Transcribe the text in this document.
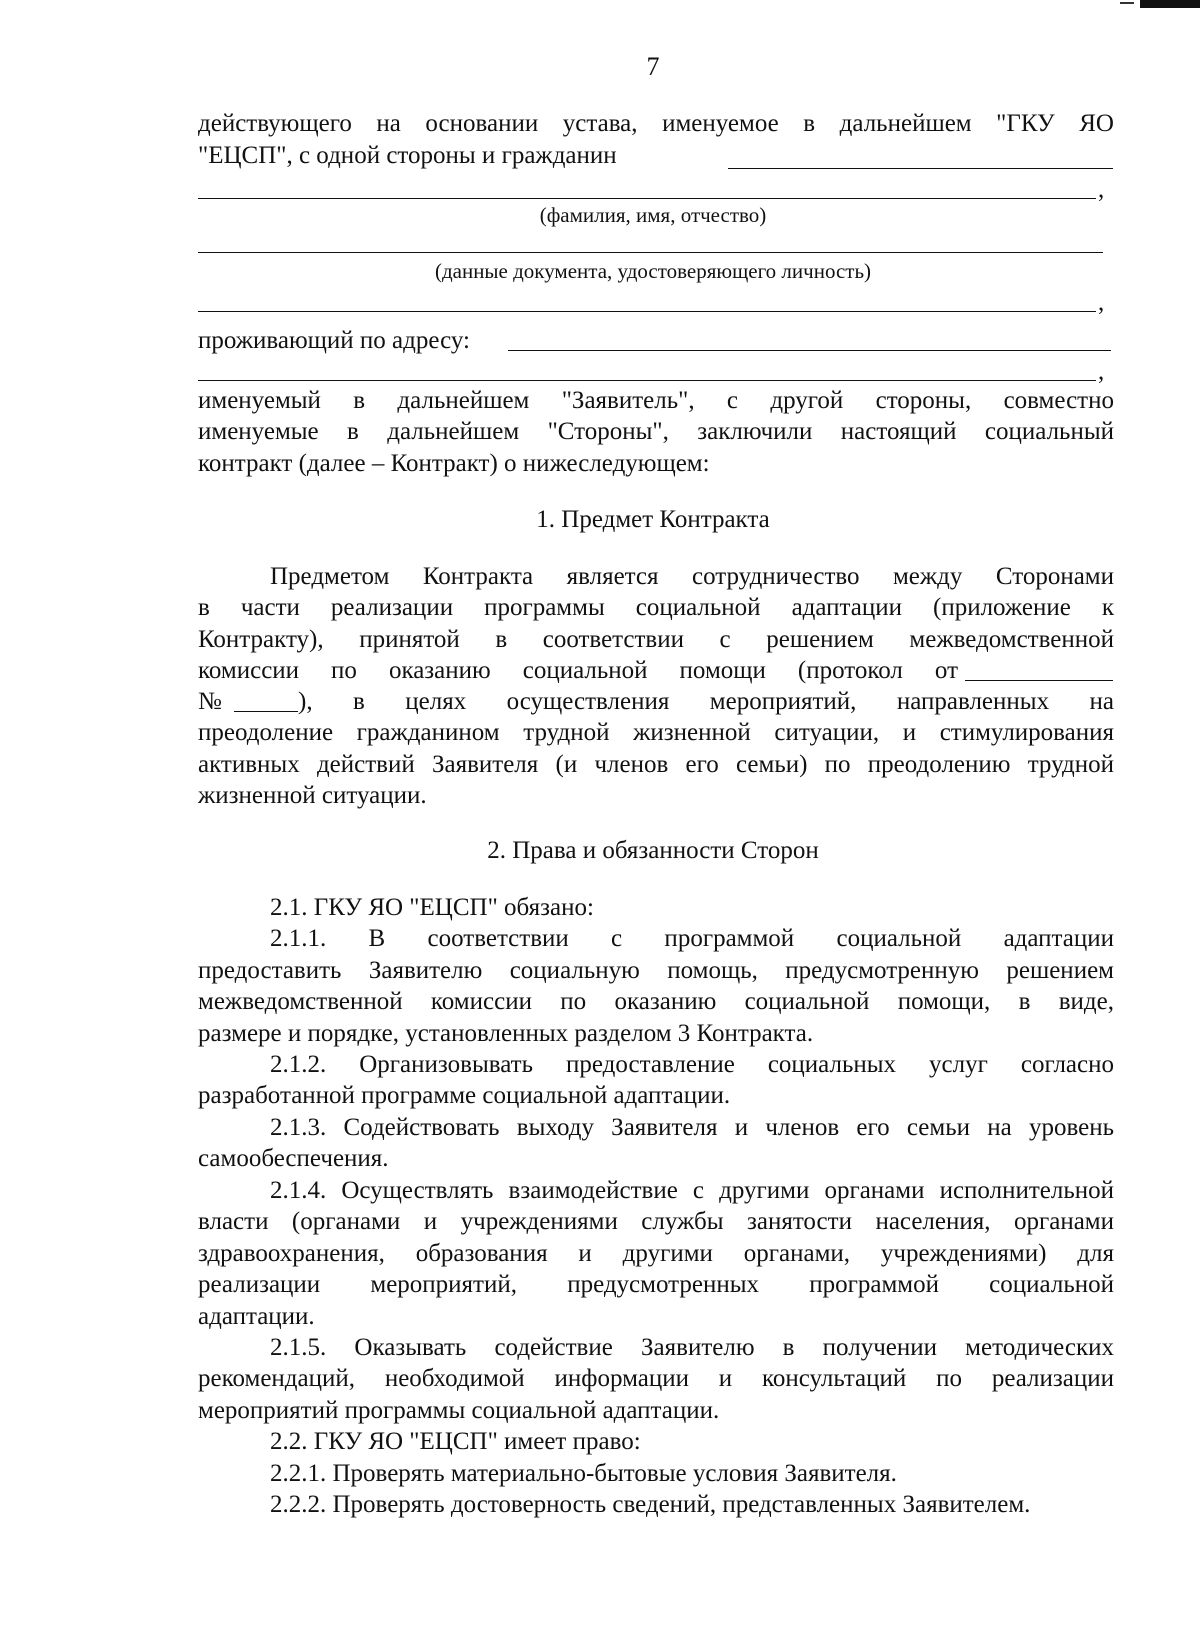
7
действующего на основании устава, именуемое в дальнейшем "ГКУ ЯО
"ЕЦСП", с одной стороны и гражданин
,
(фамилия, имя, отчество)
(данные документа, удостоверяющего личность)
,
проживающий по адресу:
,
именуемый в дальнейшем "Заявитель", с другой стороны, совместно
именуемые в дальнейшем "Стороны", заключили настоящий социальный
контракт (далее – Контракт) о нижеследующем:
1. Предмет Контракта
Предметом Контракта является сотрудничество между Сторонами
в части реализации программы социальной адаптации (приложение к
Контракту), принятой в соответствии с решением межведомственной
комиссии по оказанию социальной помощи (протокол от
№	), в целях осуществления мероприятий, направленных на
преодоление гражданином трудной жизненной ситуации, и стимулирования
активных действий Заявителя (и членов его семьи) по преодолению трудной
жизненной ситуации.
2. Права и обязанности Сторон
2.1. ГКУ ЯО "ЕЦСП" обязано:
2.1.1. В соответствии с программой социальной адаптации
предоставить Заявителю социальную помощь, предусмотренную решением
межведомственной комиссии по оказанию социальной помощи, в виде,
размере и порядке, установленных разделом 3 Контракта.
2.1.2. Организовывать предоставление социальных услуг согласно
разработанной программе социальной адаптации.
2.1.3. Содействовать выходу Заявителя и членов его семьи на уровень
самообеспечения.
2.1.4. Осуществлять взаимодействие с другими органами исполнительной
власти (органами и учреждениями службы занятости населения, органами
здравоохранения, образования и другими органами, учреждениями) для
реализации мероприятий, предусмотренных программой социальной
адаптации.
2.1.5. Оказывать содействие Заявителю в получении методических
рекомендаций, необходимой информации и консультаций по реализации
мероприятий программы социальной адаптации.
2.2. ГКУ ЯО "ЕЦСП" имеет право:
2.2.1. Проверять материально-бытовые условия Заявителя.
2.2.2. Проверять достоверность сведений, представленных Заявителем.
